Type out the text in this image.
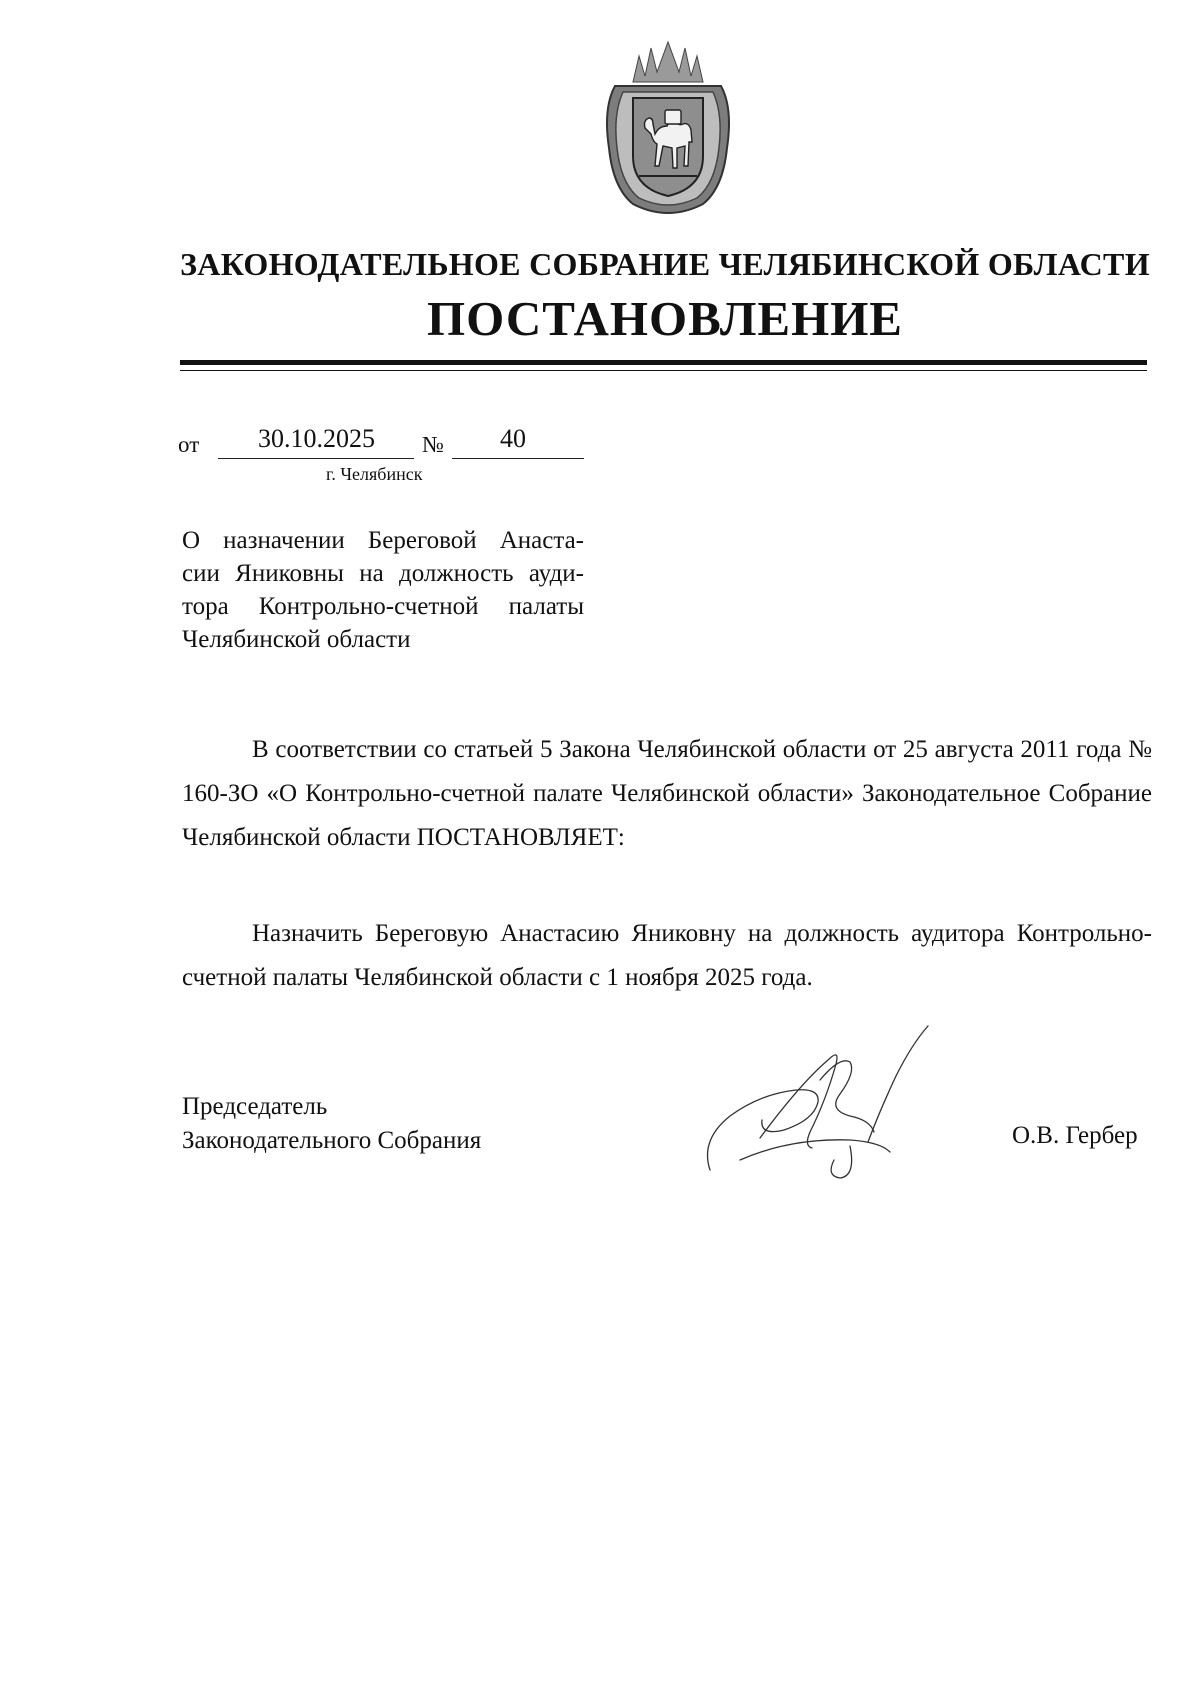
ЗАКОНОДАТЕЛЬНОЕ СОБРАНИЕ ЧЕЛЯБИНСКОЙ ОБЛАСТИ
ПОСТАНОВЛЕНИЕ
от 30.10.2025 № 40
г. Челябинск
О назначении Береговой Анаста-
сии Яниковны на должность ауди-
тора Контрольно-счетной палаты
Челябинской области
В соответствии со статьей 5 Закона Челябинской области от 25 августа 2011 года № 160-ЗО «О Контрольно-счетной палате Челябинской области» Законодательное Собрание Челябинской области ПОСТАНОВЛЯЕТ:
Назначить Береговую Анастасию Яниковну на должность аудитора Контрольно-счетной палаты Челябинской области с 1 ноября 2025 года.
Председатель
Законодательного Собрания	О.В. Гербер
